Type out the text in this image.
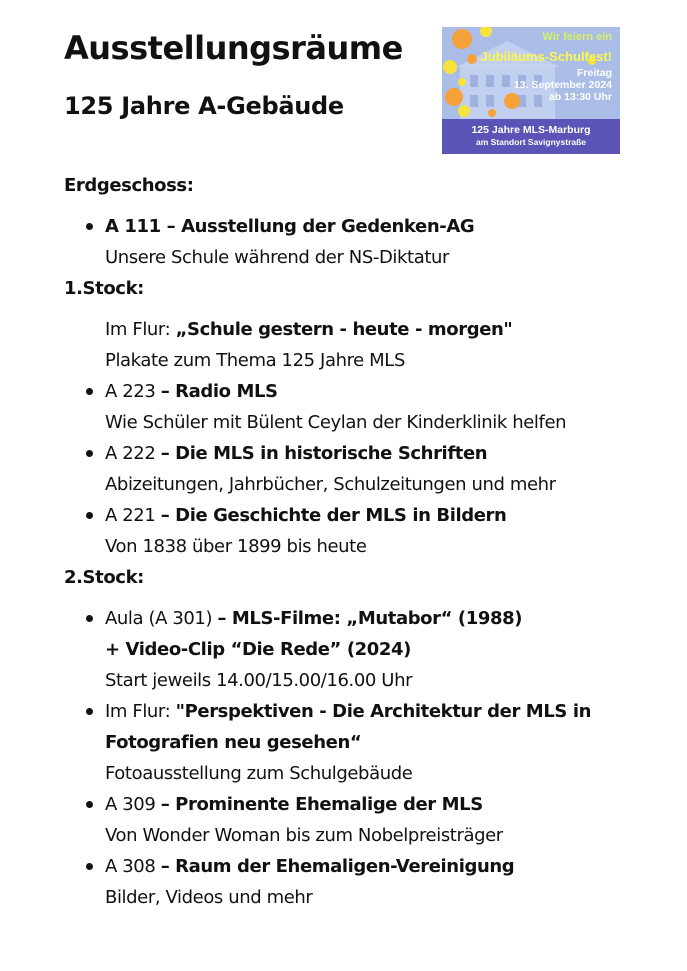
Ausstellungsräume
125 Jahre A-Gebäude
Wir feiern ein
Jubiläums-Schulfest!
Freitag
13. September 2024
ab 13:30 Uhr
125 Jahre MLS-Marburg
am Standort Savignystraße
Erdgeschoss:
A 111 – Ausstellung der Gedenken-AG
Unsere Schule während der NS-Diktatur
1.Stock:
Im Flur: „Schule gestern - heute - morgen"
Plakate zum Thema 125 Jahre MLS
A 223 – Radio MLS
Wie Schüler mit Bülent Ceylan der Kinderklinik helfen
A 222 – Die MLS in historische Schriften
Abizeitungen, Jahrbücher, Schulzeitungen und mehr
A 221 – Die Geschichte der MLS in Bildern
Von 1838 über 1899 bis heute
2.Stock:
Aula (A 301) – MLS-Filme: „Mutabor“ (1988)
+ Video-Clip “Die Rede” (2024)
Start jeweils 14.00/15.00/16.00 Uhr
Im Flur: "Perspektiven - Die Architektur der MLS in
Fotografien neu gesehen“
Fotoausstellung zum Schulgebäude
A 309 – Prominente Ehemalige der MLS
Von Wonder Woman bis zum Nobelpreisträger
A 308 – Raum der Ehemaligen-Vereinigung
Bilder, Videos und mehr
